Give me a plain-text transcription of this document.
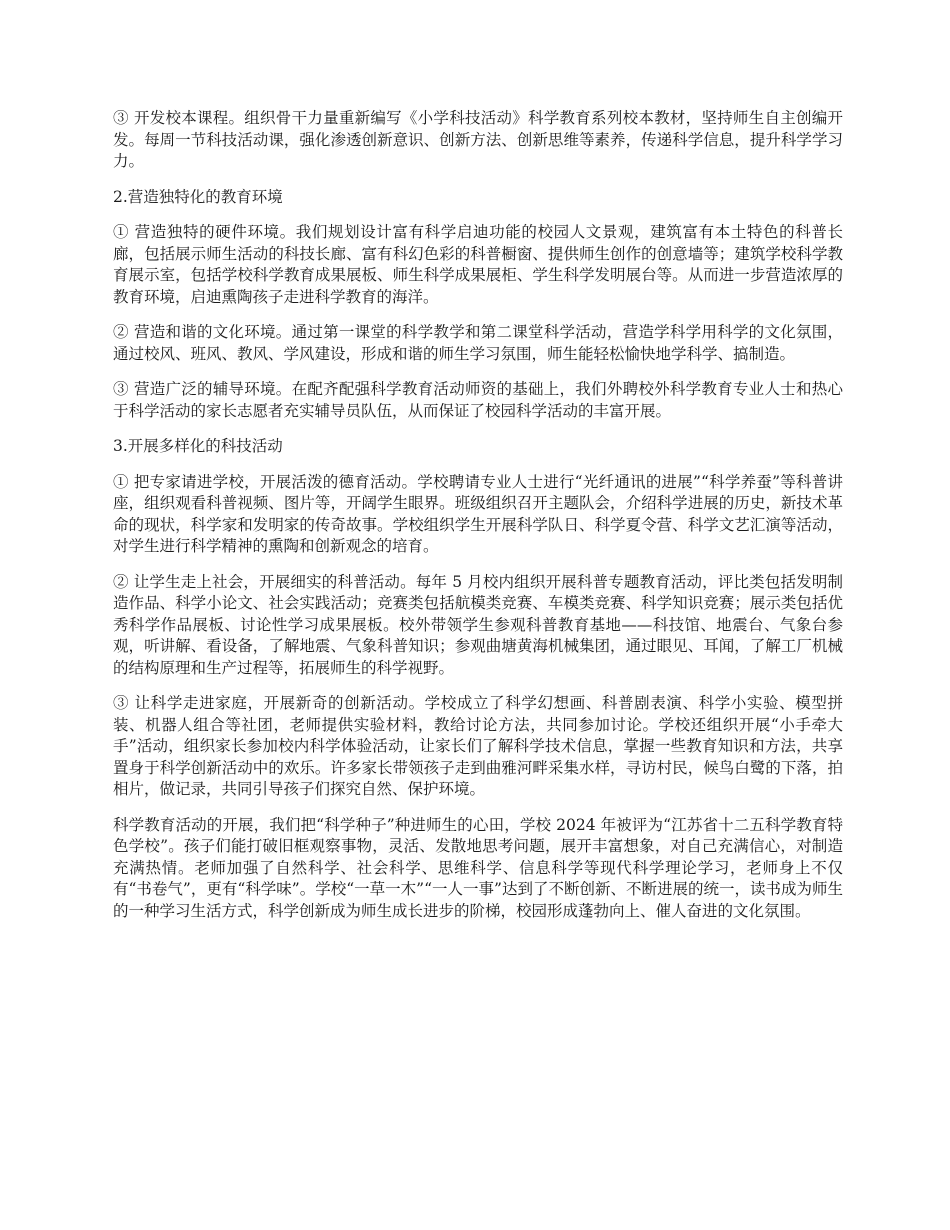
③ 开发校本课程。组织骨干力量重新编写《小学科技活动》科学教育系列校本教材，坚持师生自主创编开发。每周一节科技活动课，强化渗透创新意识、创新方法、创新思维等素养，传递科学信息，提升科学学习力。

2.营造独特化的教育环境

① 营造独特的硬件环境。我们规划设计富有科学启迪功能的校园人文景观，建筑富有本土特色的科普长廊，包括展示师生活动的科技长廊、富有科幻色彩的科普橱窗、提供师生创作的创意墙等；建筑学校科学教育展示室，包括学校科学教育成果展板、师生科学成果展柜、学生科学发明展台等。从而进一步营造浓厚的教育环境，启迪熏陶孩子走进科学教育的海洋。

② 营造和谐的文化环境。通过第一课堂的科学教学和第二课堂科学活动，营造学科学用科学的文化氛围，通过校风、班风、教风、学风建设，形成和谐的师生学习氛围，师生能轻松愉快地学科学、搞制造。

③ 营造广泛的辅导环境。在配齐配强科学教育活动师资的基础上，我们外聘校外科学教育专业人士和热心于科学活动的家长志愿者充实辅导员队伍，从而保证了校园科学活动的丰富开展。

3.开展多样化的科技活动

① 把专家请进学校，开展活泼的德育活动。学校聘请专业人士进行“光纤通讯的进展”“科学养蚕”等科普讲座，组织观看科普视频、图片等，开阔学生眼界。班级组织召开主题队会，介绍科学进展的历史，新技术革命的现状，科学家和发明家的传奇故事。学校组织学生开展科学队日、科学夏令营、科学文艺汇演等活动，对学生进行科学精神的熏陶和创新观念的培育。

② 让学生走上社会，开展细实的科普活动。每年 5 月校内组织开展科普专题教育活动，评比类包括发明制造作品、科学小论文、社会实践活动；竞赛类包括航模类竞赛、车模类竞赛、科学知识竞赛；展示类包括优秀科学作品展板、讨论性学习成果展板。校外带领学生参观科普教育基地——科技馆、地震台、气象台参观，听讲解、看设备，了解地震、气象科普知识；参观曲塘黄海机械集团，通过眼见、耳闻，了解工厂机械的结构原理和生产过程等，拓展师生的科学视野。

③ 让科学走进家庭，开展新奇的创新活动。学校成立了科学幻想画、科普剧表演、科学小实验、模型拼装、机器人组合等社团，老师提供实验材料，教给讨论方法，共同参加讨论。学校还组织开展“小手牵大手”活动，组织家长参加校内科学体验活动，让家长们了解科学技术信息，掌握一些教育知识和方法，共享置身于科学创新活动中的欢乐。许多家长带领孩子走到曲雅河畔采集水样，寻访村民，候鸟白鹭的下落，拍相片，做记录，共同引导孩子们探究自然、保护环境。

科学教育活动的开展，我们把“科学种子”种进师生的心田，学校 2024 年被评为“江苏省十二五科学教育特色学校”。孩子们能打破旧框观察事物，灵活、发散地思考问题，展开丰富想象，对自己充满信心，对制造充满热情。老师加强了自然科学、社会科学、思维科学、信息科学等现代科学理论学习，老师身上不仅有“书卷气”，更有“科学味”。学校“一草一木”“一人一事”达到了不断创新、不断进展的统一，读书成为师生的一种学习生活方式，科学创新成为师生成长进步的阶梯，校园形成蓬勃向上、催人奋进的文化氛围。
